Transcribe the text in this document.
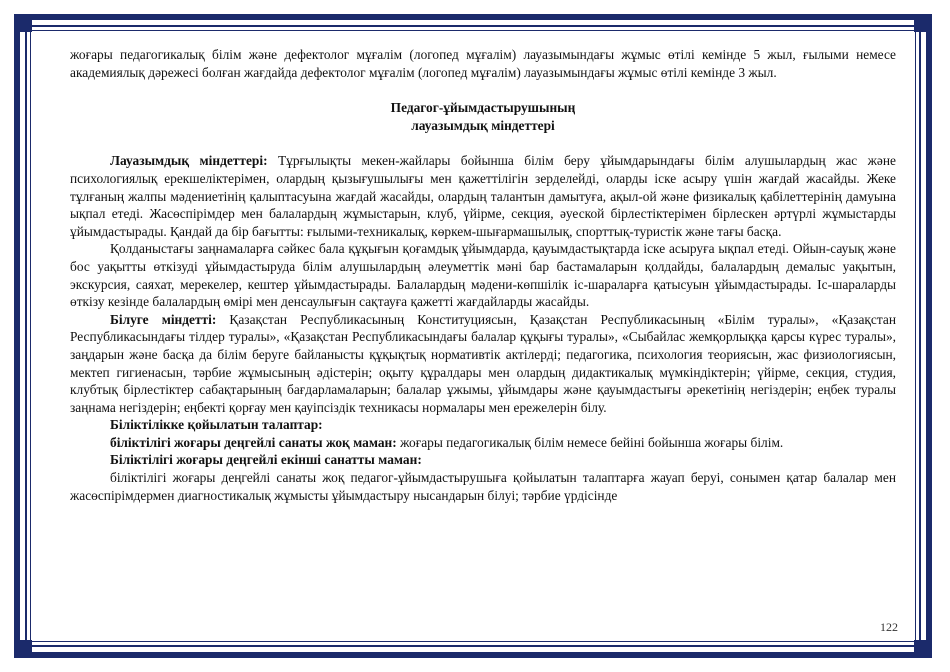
жоғары педагогикалық білім және дефектолог мұғалім (логопед мұғалім) лауазымындағы жұмыс өтілі кемінде 5 жыл, ғылыми немесе академиялық дәрежесі болған жағдайда дефектолог мұғалім (логопед мұғалім) лауазымындағы жұмыс өтілі кемінде 3 жыл.

Педагог-ұйымдастырушының

лауазымдық міндеттері

Лауазымдық міндеттері: Тұрғылықты мекен-жайлары бойынша білім беру ұйымдарындағы білім алушылардың жас және психологиялық ерекшеліктерімен, олардың қызығушылығы мен қажеттілігін зерделейді, оларды іске асыру үшін жағдай жасайды. Жеке тұлғаның жалпы мәдениетінің қалыптасуына жағдай жасайды, олардың талантын дамытуға, ақыл-ой және физикалық қабілеттерінің дамуына ықпал етеді. Жасөспірімдер мен балалардың жұмыстарын, клуб, үйірме, секция, әуеской бірлестіктерімен бірлескен әртүрлі жұмыстарды ұйымдастырады. Қандай да бір бағытты: ғылыми-техникалық, көркем-шығармашылық, спорттық-туристік және тағы басқа.

Қолданыстағы заңнамаларға сәйкес бала құқығын қоғамдық ұйымдарда, қауымдастықтарда іске асыруға ықпал етеді. Ойын-сауық және бос уақытты өткізуді ұйымдастыруда білім алушылардың әлеуметтік мәні бар бастамаларын қолдайды, балалардың демалыс уақытын, экскурсия, саяхат, мерекелер, кештер ұйымдастырады. Балалардың мәдени-көпшілік іс-шараларға қатысуын ұйымдастырады. Іс-шараларды өткізу кезінде балалардың өмірі мен денсаулығын сақтауға қажетті жағдайларды жасайды.

Білуге міндетті: Қазақстан Республикасының Конституциясын, Қазақстан Республикасының «Білім туралы», «Қазақстан Республикасындағы тілдер туралы», «Қазақстан Республикасындағы балалар құқығы туралы», «Сыбайлас жемқорлыққа қарсы күрес туралы», заңдарын және басқа да білім беруге байланысты құқықтық нормативтік актілерді; педагогика, психология теориясын, жас физиологиясын, мектеп гигиенасын, тәрбие жұмысының әдістерін; оқыту құралдары мен олардың дидактикалық мүмкіндіктерін; үйірме, секция, студия, клубтық бірлестіктер сабақтарының бағдарламаларын; балалар ұжымы, ұйымдары және қауымдастығы әрекетінің негіздерін; еңбек туралы заңнама негіздерін; еңбекті қорғау мен қауіпсіздік техникасы нормалары мен ережелерін білу.

Біліктілікке қойылатын талаптар:

біліктілігі жоғары деңгейлі санаты жоқ маман: жоғары педагогикалық білім немесе бейіні бойынша жоғары білім.

Біліктілігі жоғары деңгейлі екінші санатты маман:

біліктілігі жоғары деңгейлі санаты жоқ педагог-ұйымдастырушыға қойылатын талаптарға жауап беруі, сонымен қатар балалар мен жасөспірімдермен диагностикалық жұмысты ұйымдастыру нысандарын білуі; тәрбие үрдісінде

122
